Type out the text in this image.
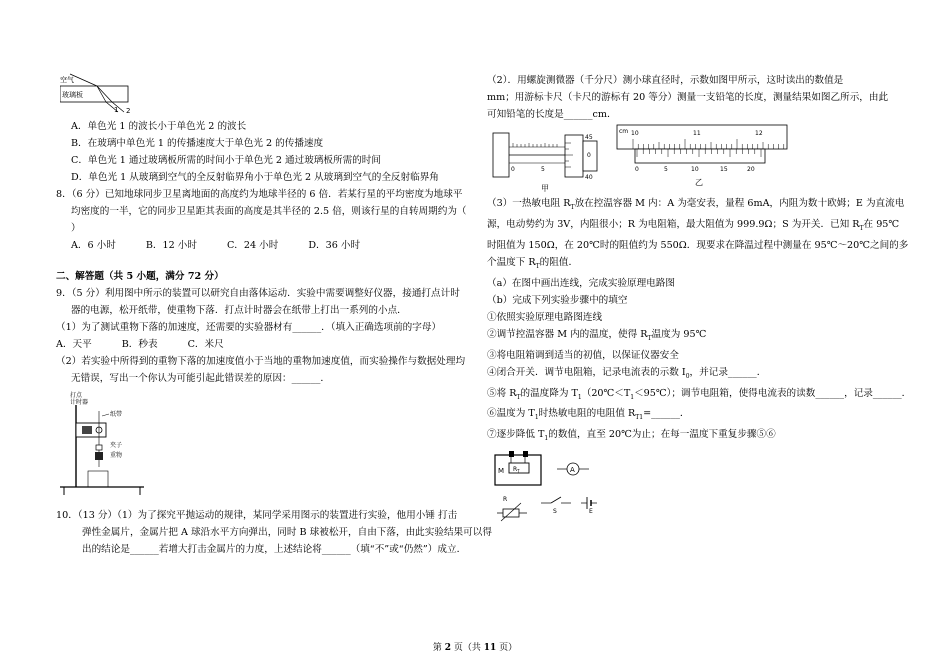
空气
玻璃板
1 2
A．单色光 1 的波长小于单色光 2 的波长
B．在玻璃中单色光 1 的传播速度大于单色光 2 的传播速度
C．单色光 1 通过玻璃板所需的时间小于单色光 2 通过玻璃板所需的时间
D．单色光 1 从玻璃到空气的全反射临界角小于单色光 2 从玻璃到空气的全反射临界角
8．（6 分）已知地球同步卫星离地面的高度约为地球半径的 6 倍．若某行星的平均密度为地球平
均密度的一半，它的同步卫星距其表面的高度是其半径的 2.5 倍，则该行星的自转周期约为（
）
A．6 小时	B．12 小时	C．24 小时	D．36 小时
二、解答题（共 5 小题，满分 72 分）
9．（5 分）利用图中所示的装置可以研究自由落体运动．实验中需要调整好仪器，接通打点计时
器的电源，松开纸带，使重物下落．打点计时器会在纸带上打出一系列的小点．
（1）为了测试重物下落的加速度，还需要的实验器材有______．（填入正确选项前的字母）
A．天平	B．秒表	C．米尺
（2）若实验中所得到的重物下落的加速度值小于当地的重物加速度值，而实验操作与数据处理均
无错误，写出一个你认为可能引起此错误差的原因：______．
打点
计时器
纸带
夹子
重物
10．（13 分）（1）为了探究平抛运动的规律，某同学采用图示的装置进行实验，他用小锤 打击
弹性金属片，金属片把 A 球沿水平方向弹出，同时 B 球被松开，自由下落，由此实验结果可以得
出的结论是______若增大打击金属片的力度，上述结论将______（填“不”或“仍然”）成立．
（2）．用螺旋测微器（千分尺）测小球直径时，示数如图甲所示，这时读出的数值是
mm；用游标卡尺（卡尺的游标有 20 等分）测量一支铅笔的长度，测量结果如图乙所示，由此
可知铅笔的长度是______cm．
0	5
45
0
40
甲
cm 10	11	12
0	5	10	15	20
乙
（3）一热敏电阻 $R_T$放在控温容器 M 内：A 为毫安表，量程 6mA，内阻为数十欧姆；E 为直流电
源，电动势约为 3V，内阻很小；R 为电阻箱，最大阻值为 999.9Ω；S 为开关．已知 $R_T$在 95℃
时阻值为 150Ω，在 20℃时的阻值约为 550Ω．现要求在降温过程中测量在 95℃～20℃之间的多
个温度下 $R_T$的阻值．
（a）在图中画出连线，完成实验原理电路图
（b）完成下列实验步骤中的填空
①依照实验原理电路图连线
②调节控温容器 M 内的温度，使得 $R_T$温度为 95℃
③将电阻箱调到适当的初值，以保证仪器安全
④闭合开关．调节电阻箱，记录电流表的示数 $I_0$，并记录______．
⑤将 $R_T$的温度降为 $T_1(20℃<T_1<95℃)$；调节电阻箱，使得电流表的读数______，记录______．
⑥温度为 $T_1$时热敏电阻的电阻值 $R_{T1}=\_\_\_\_\_\_$．
⑦逐步降低 $T_1$的数值，直至 20℃为止；在每一温度下重复步骤⑤⑥
M $R_T$	A
R
S	E
第 2 页（共 11 页）
